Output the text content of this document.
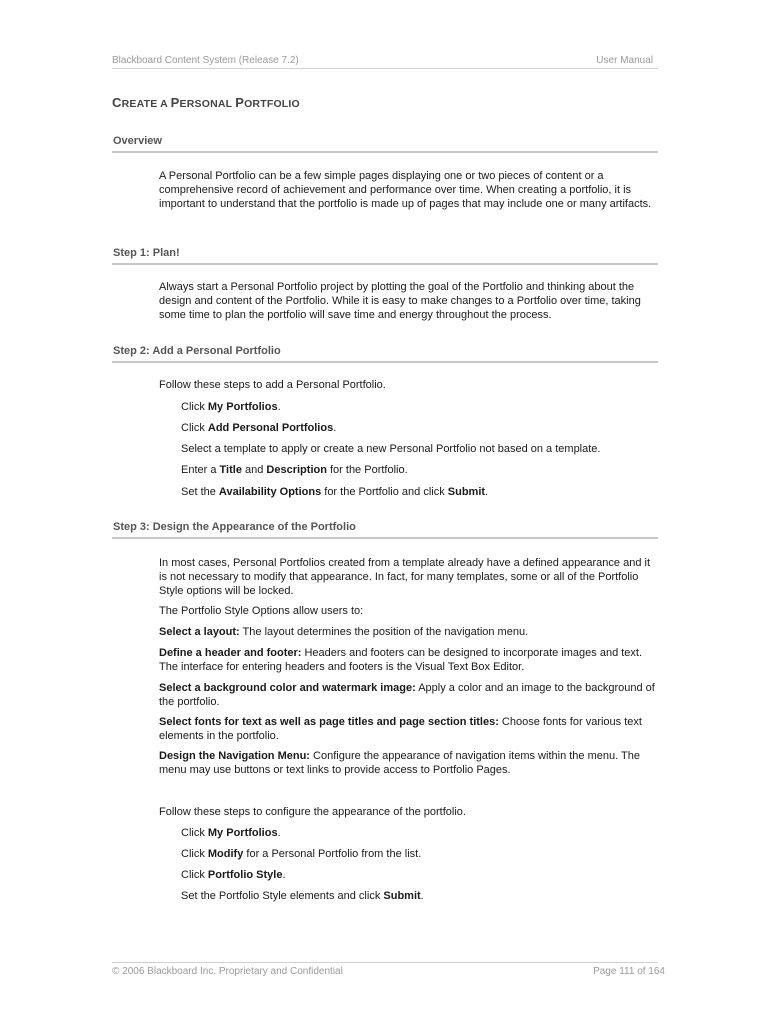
Blackboard Content System (Release 7.2)	User Manual
CREATE A PERSONAL PORTFOLIO
Overview
A Personal Portfolio can be a few simple pages displaying one or two pieces of content or a comprehensive record of achievement and performance over time. When creating a portfolio, it is important to understand that the portfolio is made up of pages that may include one or many artifacts.
Step 1: Plan!
Always start a Personal Portfolio project by plotting the goal of the Portfolio and thinking about the design and content of the Portfolio. While it is easy to make changes to a Portfolio over time, taking some time to plan the portfolio will save time and energy throughout the process.
Step 2: Add a Personal Portfolio
Follow these steps to add a Personal Portfolio.
Click My Portfolios.
Click Add Personal Portfolios.
Select a template to apply or create a new Personal Portfolio not based on a template.
Enter a Title and Description for the Portfolio.
Set the Availability Options for the Portfolio and click Submit.
Step 3: Design the Appearance of the Portfolio
In most cases, Personal Portfolios created from a template already have a defined appearance and it is not necessary to modify that appearance. In fact, for many templates, some or all of the Portfolio Style options will be locked.
The Portfolio Style Options allow users to:
Select a layout: The layout determines the position of the navigation menu.
Define a header and footer: Headers and footers can be designed to incorporate images and text. The interface for entering headers and footers is the Visual Text Box Editor.
Select a background color and watermark image: Apply a color and an image to the background of the portfolio.
Select fonts for text as well as page titles and page section titles: Choose fonts for various text elements in the portfolio.
Design the Navigation Menu: Configure the appearance of navigation items within the menu. The menu may use buttons or text links to provide access to Portfolio Pages.
Follow these steps to configure the appearance of the portfolio.
Click My Portfolios.
Click Modify for a Personal Portfolio from the list.
Click Portfolio Style.
Set the Portfolio Style elements and click Submit.
© 2006 Blackboard Inc. Proprietary and Confidential	Page 111 of 164
